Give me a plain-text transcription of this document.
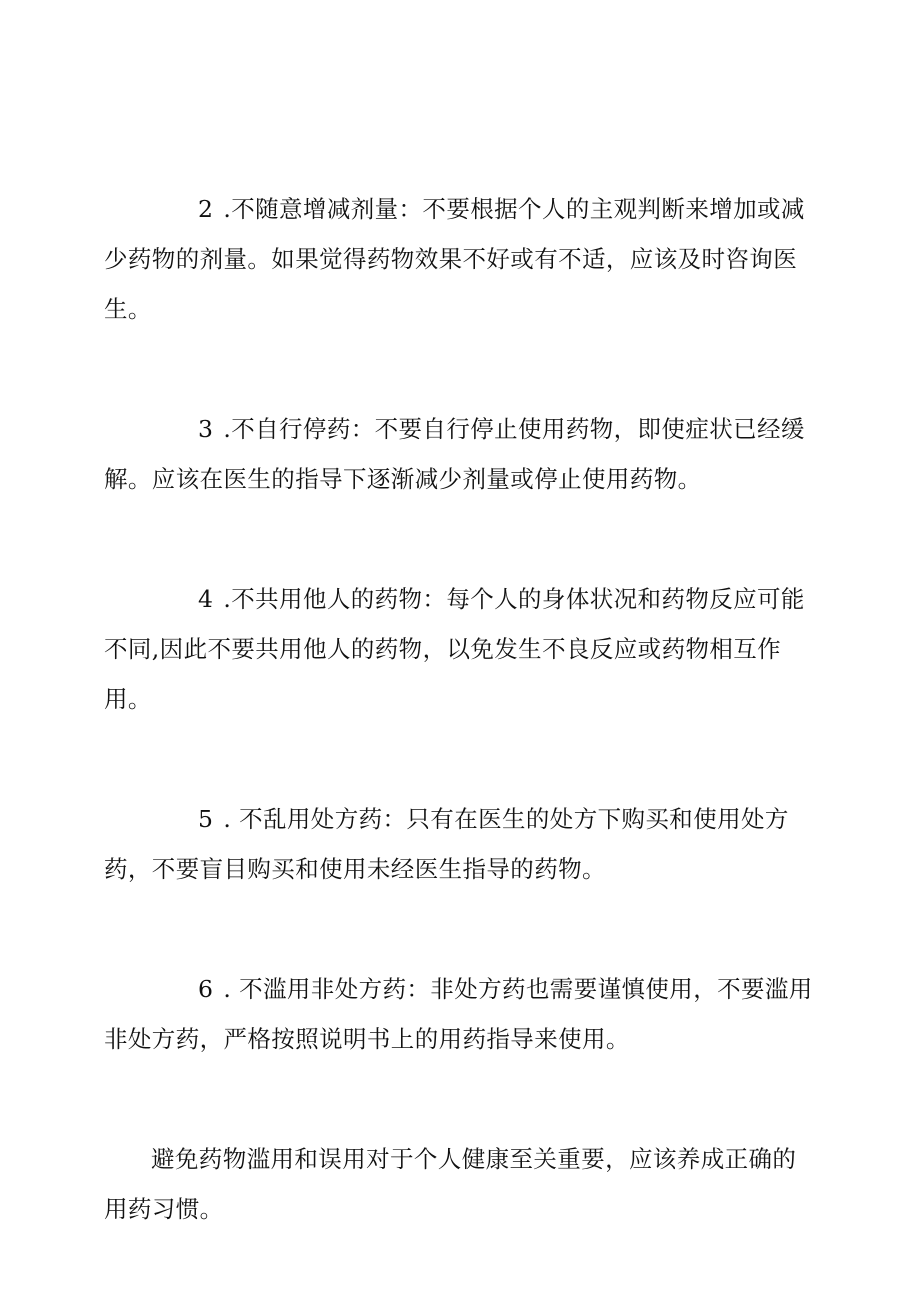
2 .不随意增减剂量：不要根据个人的主观判断来增加或减少药物的剂量。如果觉得药物效果不好或有不适，应该及时咨询医生。

3 .不自行停药：不要自行停止使用药物，即使症状已经缓解。应该在医生的指导下逐渐减少剂量或停止使用药物。

4 .不共用他人的药物：每个人的身体状况和药物反应可能不同,因此不要共用他人的药物，以免发生不良反应或药物相互作用。

5 . 不乱用处方药：只有在医生的处方下购买和使用处方药，不要盲目购买和使用未经医生指导的药物。

6 . 不滥用非处方药：非处方药也需要谨慎使用，不要滥用非处方药，严格按照说明书上的用药指导来使用。

避免药物滥用和误用对于个人健康至关重要，应该养成正确的用药习惯。
